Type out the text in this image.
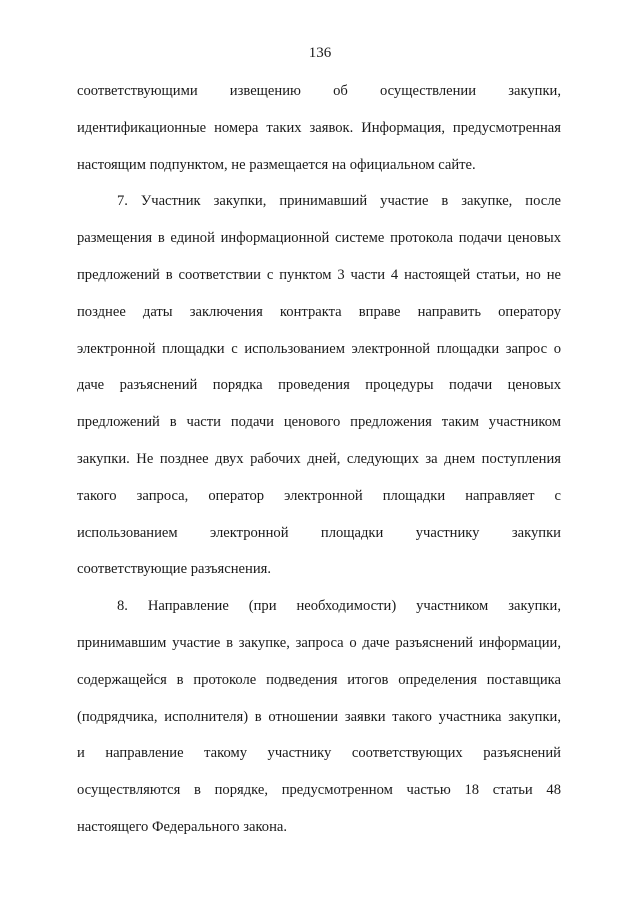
136

соответствующими извещению об осуществлении закупки,
идентификационные номера таких заявок. Информация, предусмотренная
настоящим подпунктом, не размещается на официальном сайте.

7. Участник закупки, принимавший участие в закупке, после
размещения в единой информационной системе протокола подачи ценовых
предложений в соответствии с пунктом 3 части 4 настоящей статьи, но не
позднее даты заключения контракта вправе направить оператору
электронной площадки с использованием электронной площадки запрос о
даче разъяснений порядка проведения процедуры подачи ценовых
предложений в части подачи ценового предложения таким участником
закупки. Не позднее двух рабочих дней, следующих за днем поступления
такого запроса, оператор электронной площадки направляет с
использованием электронной площадки участнику закупки
соответствующие разъяснения.

8. Направление (при необходимости) участником закупки,
принимавшим участие в закупке, запроса о даче разъяснений информации,
содержащейся в протоколе подведения итогов определения поставщика
(подрядчика, исполнителя) в отношении заявки такого участника закупки,
и направление такому участнику соответствующих разъяснений
осуществляются в порядке, предусмотренном частью 18 статьи 48
настоящего Федерального закона.
